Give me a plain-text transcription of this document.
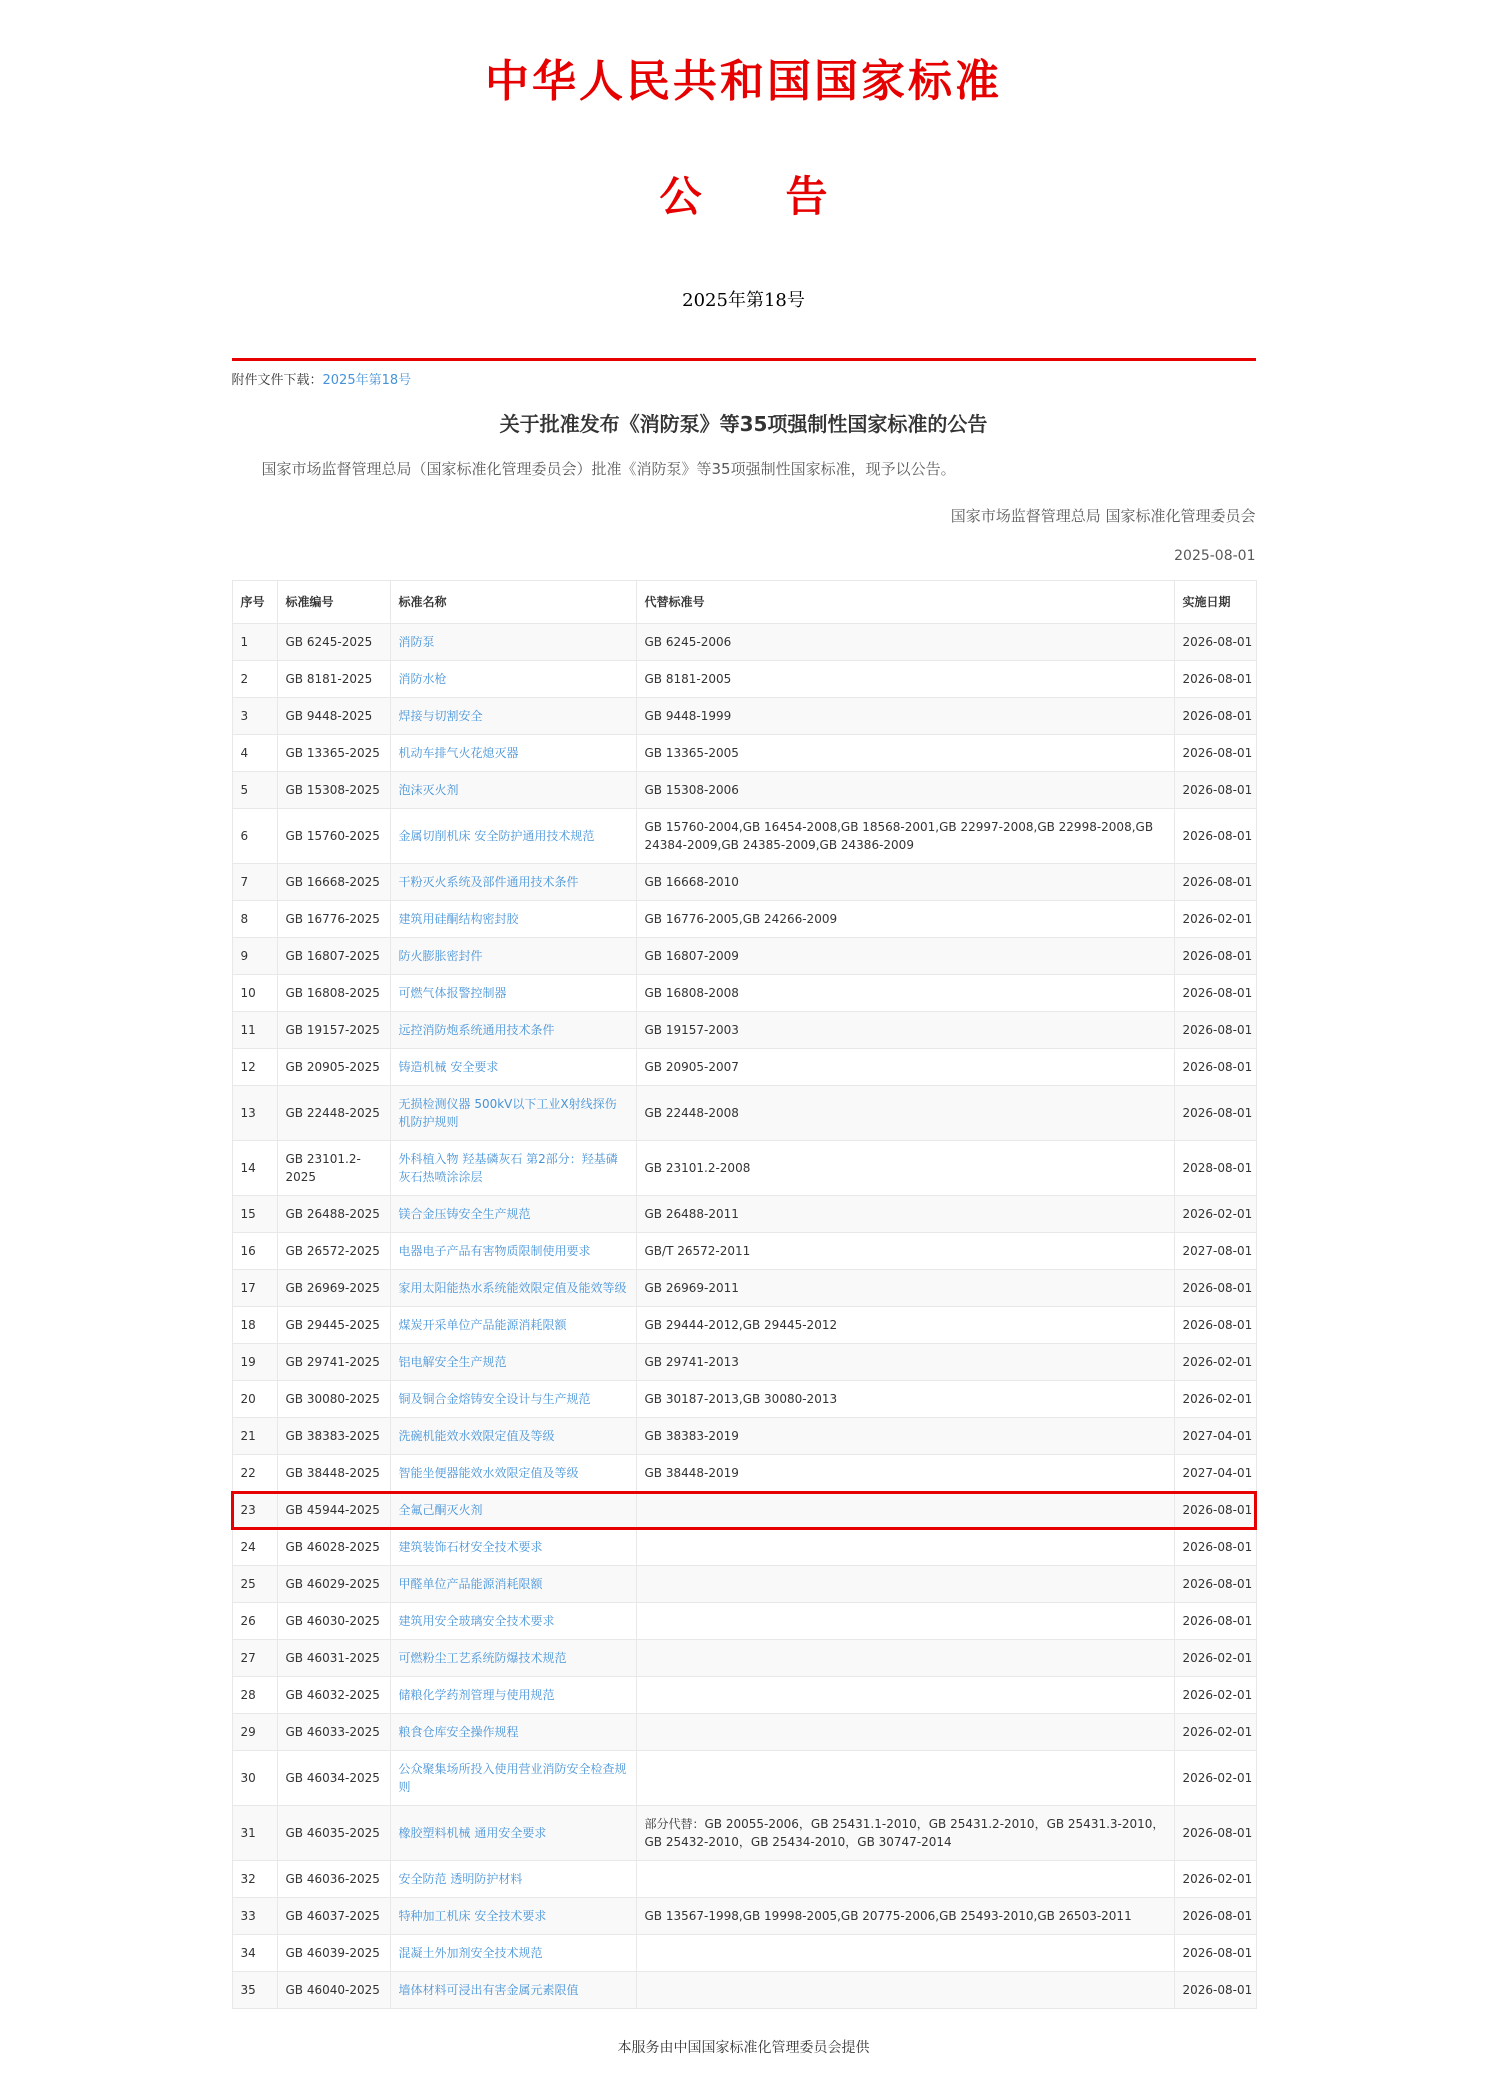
中华人民共和国国家标准
公　　告
2025年第18号
附件文件下载：2025年第18号
关于批准发布《消防泵》等35项强制性国家标准的公告

国家市场监督管理总局（国家标准化管理委员会）批准《消防泵》等35项强制性国家标准，现予以公告。

国家市场监督管理总局 国家标准化管理委员会
2025-08-01
序号	标准编号	标准名称	代替标准号	实施日期
1	GB 6245-2025	消防泵	GB 6245-2006	2026-08-01
2	GB 8181-2025	消防水枪	GB 8181-2005	2026-08-01
3	GB 9448-2025	焊接与切割安全	GB 9448-1999	2026-08-01
4	GB 13365-2025	机动车排气火花熄灭器	GB 13365-2005	2026-08-01
5	GB 15308-2025	泡沫灭火剂	GB 15308-2006	2026-08-01
6	GB 15760-2025	金属切削机床 安全防护通用技术规范	GB 15760-2004,GB 16454-2008,GB 18568-2001,GB 22997-2008,GB 22998-2008,GB 24384-2009,GB 24385-2009,GB 24386-2009	2026-08-01
7	GB 16668-2025	干粉灭火系统及部件通用技术条件	GB 16668-2010	2026-08-01
8	GB 16776-2025	建筑用硅酮结构密封胶	GB 16776-2005,GB 24266-2009	2026-02-01
9	GB 16807-2025	防火膨胀密封件	GB 16807-2009	2026-08-01
10	GB 16808-2025	可燃气体报警控制器	GB 16808-2008	2026-08-01
11	GB 19157-2025	远控消防炮系统通用技术条件	GB 19157-2003	2026-08-01
12	GB 20905-2025	铸造机械 安全要求	GB 20905-2007	2026-08-01
13	GB 22448-2025	无损检测仪器 500kV以下工业X射线探伤机防护规则	GB 22448-2008	2026-08-01
14	GB 23101.2-2025	外科植入物 羟基磷灰石 第2部分：羟基磷灰石热喷涂涂层	GB 23101.2-2008	2028-08-01
15	GB 26488-2025	镁合金压铸安全生产规范	GB 26488-2011	2026-02-01
16	GB 26572-2025	电器电子产品有害物质限制使用要求	GB/T 26572-2011	2027-08-01
17	GB 26969-2025	家用太阳能热水系统能效限定值及能效等级	GB 26969-2011	2026-08-01
18	GB 29445-2025	煤炭开采单位产品能源消耗限额	GB 29444-2012,GB 29445-2012	2026-08-01
19	GB 29741-2025	铝电解安全生产规范	GB 29741-2013	2026-02-01
20	GB 30080-2025	铜及铜合金熔铸安全设计与生产规范	GB 30187-2013,GB 30080-2013	2026-02-01
21	GB 38383-2025	洗碗机能效水效限定值及等级	GB 38383-2019	2027-04-01
22	GB 38448-2025	智能坐便器能效水效限定值及等级	GB 38448-2019	2027-04-01
23	GB 45944-2025	全氟己酮灭火剂		2026-08-01
24	GB 46028-2025	建筑装饰石材安全技术要求		2026-08-01
25	GB 46029-2025	甲醛单位产品能源消耗限额		2026-08-01
26	GB 46030-2025	建筑用安全玻璃安全技术要求		2026-08-01
27	GB 46031-2025	可燃粉尘工艺系统防爆技术规范		2026-02-01
28	GB 46032-2025	储粮化学药剂管理与使用规范		2026-02-01
29	GB 46033-2025	粮食仓库安全操作规程		2026-02-01
30	GB 46034-2025	公众聚集场所投入使用营业消防安全检查规则		2026-02-01
31	GB 46035-2025	橡胶塑料机械 通用安全要求	部分代替：GB 20055-2006，GB 25431.1-2010，GB 25431.2-2010，GB 25431.3-2010，GB 25432-2010，GB 25434-2010，GB 30747-2014	2026-08-01
32	GB 46036-2025	安全防范 透明防护材料		2026-02-01
33	GB 46037-2025	特种加工机床 安全技术要求	GB 13567-1998,GB 19998-2005,GB 20775-2006,GB 25493-2010,GB 26503-2011	2026-08-01
34	GB 46039-2025	混凝土外加剂安全技术规范		2026-08-01
35	GB 46040-2025	墙体材料可浸出有害金属元素限值		2026-08-01
本服务由中国国家标准化管理委员会提供
